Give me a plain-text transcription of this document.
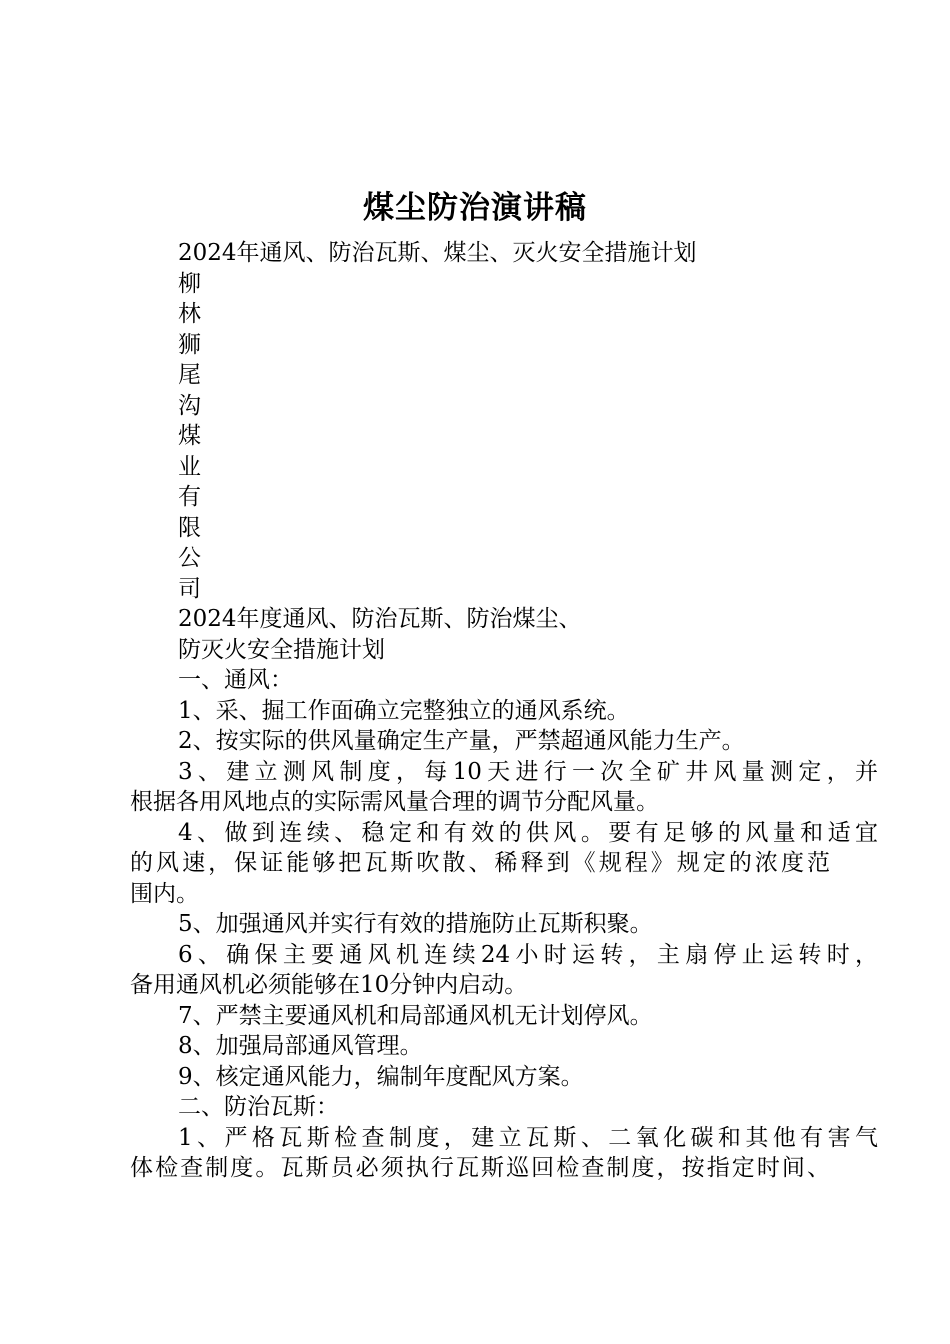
煤尘防治演讲稿
2024年通风、防治瓦斯、煤尘、灭火安全措施计划
柳
林
狮
尾
沟
煤
业
有
限
公
司
2024年度通风、防治瓦斯、防治煤尘、
防灭火安全措施计划
一、通风：
1、采、掘工作面确立完整独立的通风系统。
2、按实际的供风量确定生产量，严禁超通风能力生产。
3、建立测风制度，每10天进行一次全矿井风量测定，并
根据各用风地点的实际需风量合理的调节分配风量。
4、做到连续、稳定和有效的供风。要有足够的风量和适宜
的风速，保证能够把瓦斯吹散、稀释到《规程》规定的浓度范
围内。
5、加强通风并实行有效的措施防止瓦斯积聚。
6、确保主要通风机连续24小时运转，主扇停止运转时，
备用通风机必须能够在10分钟内启动。
7、严禁主要通风机和局部通风机无计划停风。
8、加强局部通风管理。
9、核定通风能力，编制年度配风方案。
二、防治瓦斯：
1、严格瓦斯检查制度，建立瓦斯、二氧化碳和其他有害气
体检查制度。瓦斯员必须执行瓦斯巡回检查制度，按指定时间、
